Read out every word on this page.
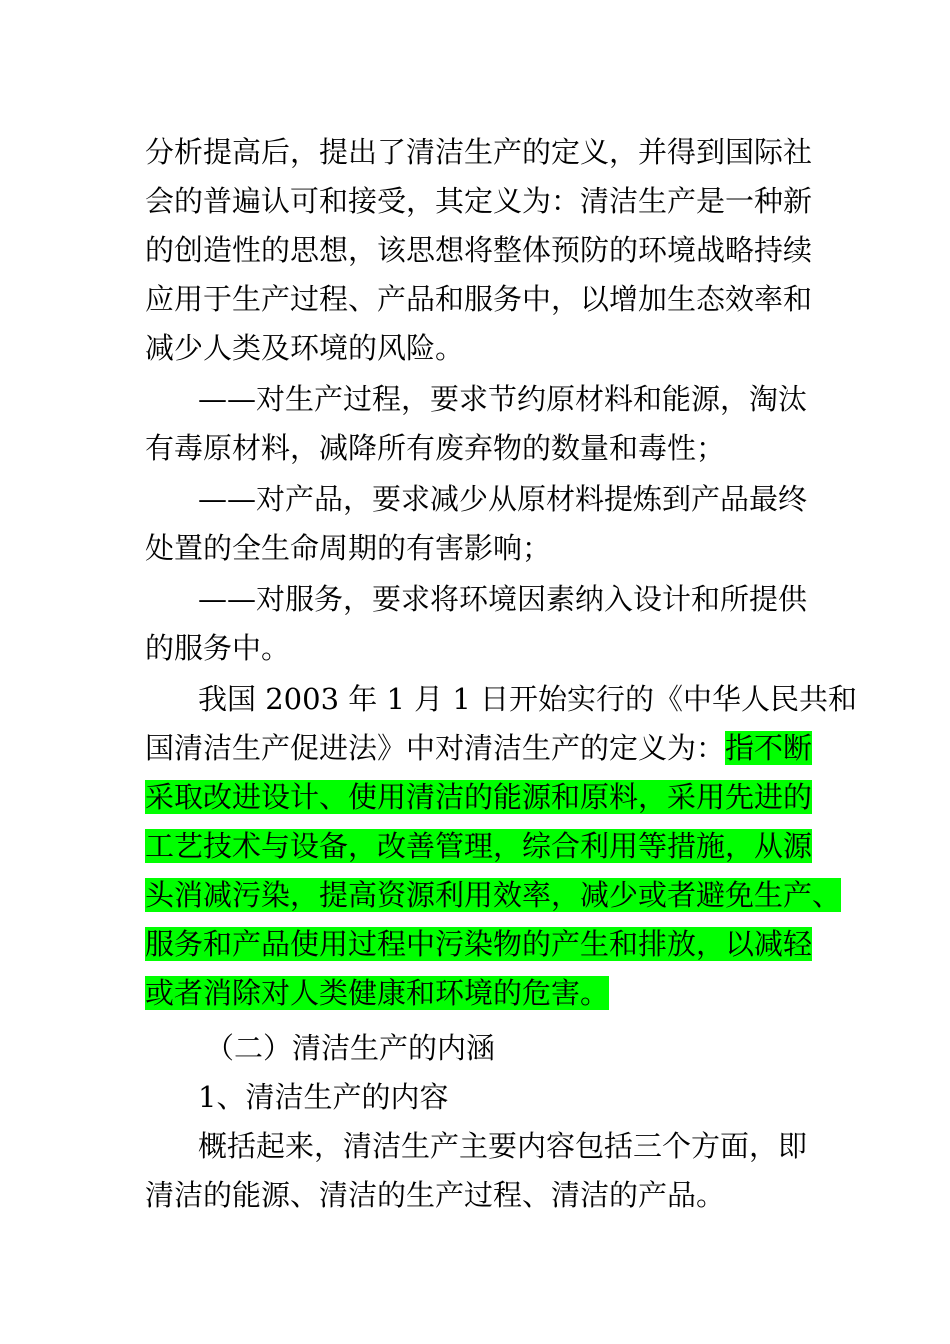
分析提高后，提出了清洁生产的定义，并得到国际社
会的普遍认可和接受，其定义为：清洁生产是一种新
的创造性的思想，该思想将整体预防的环境战略持续
应用于生产过程、产品和服务中，以增加生态效率和
减少人类及环境的风险。
——对生产过程，要求节约原材料和能源，淘汰
有毒原材料，减降所有废弃物的数量和毒性；
——对产品，要求减少从原材料提炼到产品最终
处置的全生命周期的有害影响；
——对服务，要求将环境因素纳入设计和所提供
的服务中。
我国 2003 年 1 月 1 日开始实行的《中华人民共和
国清洁生产促进法》中对清洁生产的定义为：指不断
采取改进设计、使用清洁的能源和原料，采用先进的
工艺技术与设备，改善管理，综合利用等措施，从源
头消减污染，提高资源利用效率，减少或者避免生产、
服务和产品使用过程中污染物的产生和排放，以减轻
或者消除对人类健康和环境的危害。
（二）清洁生产的内涵
1、清洁生产的内容
概括起来，清洁生产主要内容包括三个方面，即
清洁的能源、清洁的生产过程、清洁的产品。
